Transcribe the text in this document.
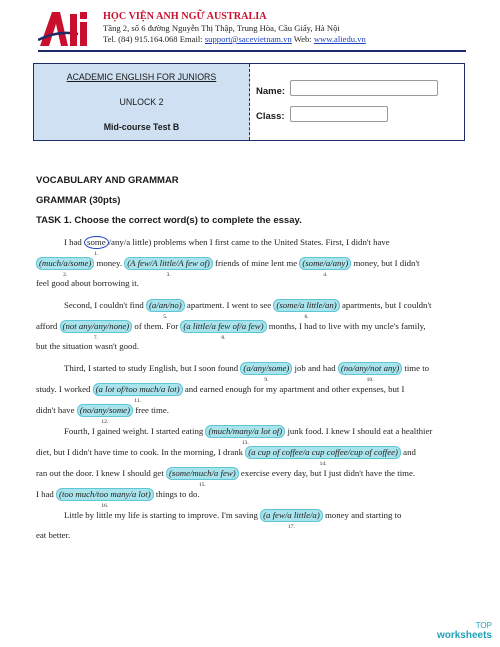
HỌC VIỆN ANH NGỮ AUSTRALIA
Tầng 2, số 6 đường Nguyễn Thị Thập, Trung Hòa, Cầu Giấy, Hà Nội
Tel. (84) 915.164.068 Email: support@sacevietnam.vn Web: www.aliedu.vn
ACADEMIC ENGLISH FOR JUNIORS
UNLOCK 2
Mid-course Test B
Name:
Class:
VOCABULARY AND GRAMMAR
GRAMMAR (30pts)
TASK 1. Choose the correct word(s) to complete the essay.
I had some
1.
/any/a little) problems when I first came to the United States. First, I didn't have
(much/a/some)
2.
money. (A few/A little/A few of)
3.
friends of mine lent me (some/a/any)
4.
money, but I didn't
feel good about borrowing it.
Second, I couldn't find (a/an/no)
5.
apartment. I went to see (some/a little/an)
6.
apartments, but I couldn't
afford (not any/any/none)
7.
of them. For (a little/a few of/a few)
8.
months, I had to live with my uncle's family,
but the situation wasn't good.
Third, I started to study English, but I soon found (a/any/some)
9.
job and had (no/any/not any)
10.
time to
study. I worked (a lot of/too much/a lot)
11.
and earned enough for my apartment and other expenses, but I
didn't have (no/any/some)
12.
free time.
Fourth, I gained weight. I started eating (much/many/a lot of)
13.
junk food. I knew I should eat a healthier
diet, but I didn't have time to cook. In the morning, I drank (a cup of coffee/a cup coffee/cup of coffee)
14.
and
ran out the door. I knew I should get (some/much/a few)
15.
exercise every day, but I just didn't have the time.
I had (too much/too many/a lot)
16.
things to do.
Little by little my life is starting to improve. I'm saving (a few/a little/a)
17.
money and starting to
eat better.
TOP
worksheets
